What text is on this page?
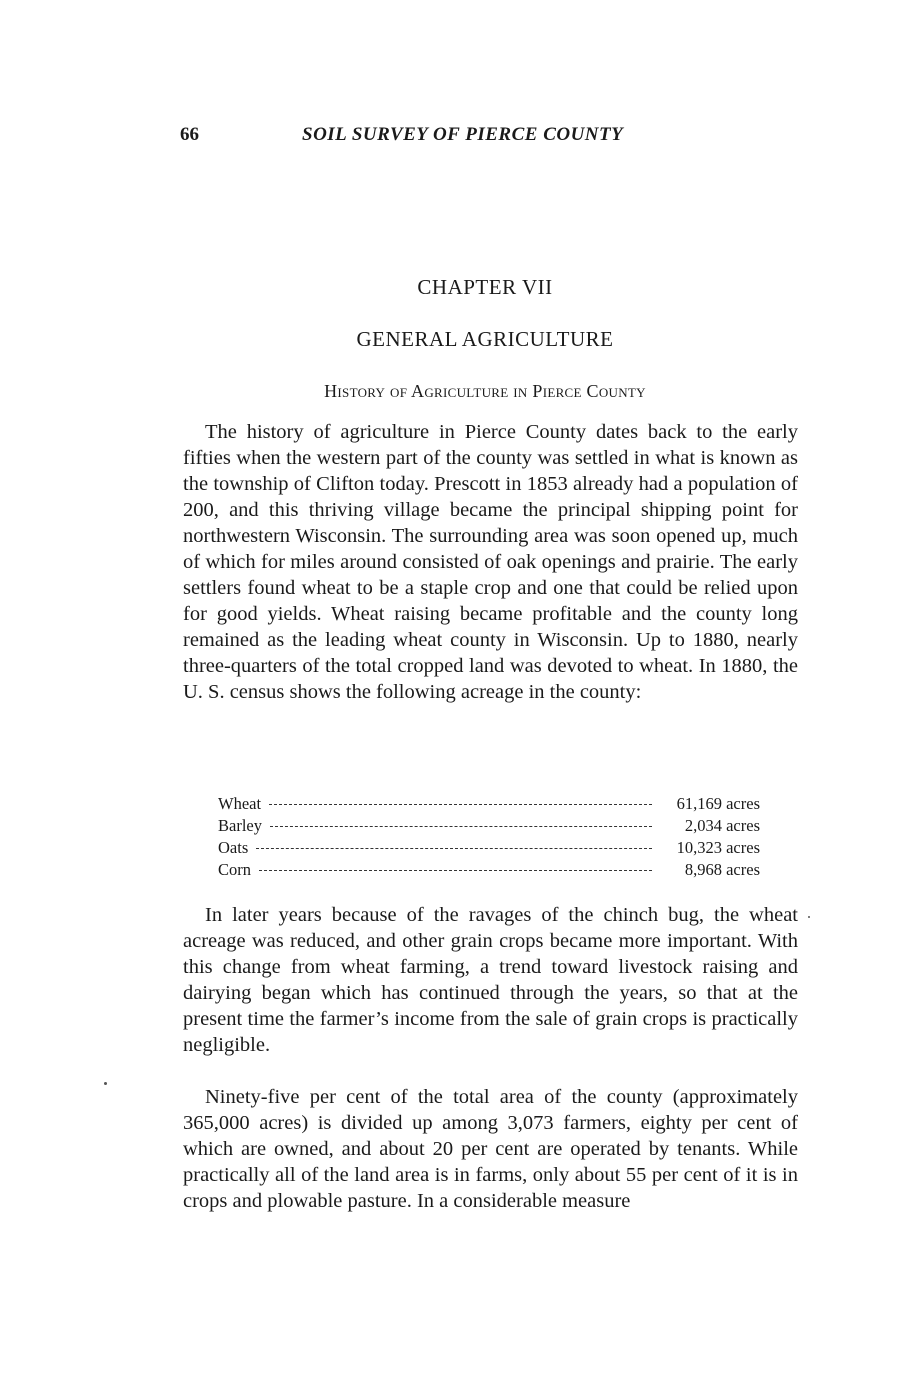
66	SOIL SURVEY OF PIERCE COUNTY
CHAPTER VII
GENERAL AGRICULTURE
History of Agriculture in Pierce County

The history of agriculture in Pierce County dates back to the early fifties when the western part of the county was settled in what is known as the township of Clifton today. Prescott in 1853 already had a population of 200, and this thriving village became the principal shipping point for northwestern Wisconsin. The surrounding area was soon opened up, much of which for miles around consisted of oak openings and prairie. The early settlers found wheat to be a staple crop and one that could be relied upon for good yields. Wheat raising became profitable and the county long remained as the leading wheat county in Wisconsin. Up to 1880, nearly three-quarters of the total cropped land was devoted to wheat. In 1880, the U. S. census shows the following acreage in the county:

Wheat	61,169 acres
Barley	2,034 acres
Oats	10,323 acres
Corn	8,968 acres

In later years because of the ravages of the chinch bug, the wheat acreage was reduced, and other grain crops became more important. With this change from wheat farming, a trend toward livestock raising and dairying began which has continued through the years, so that at the present time the farmer’s income from the sale of grain crops is practically negligible.

Ninety-five per cent of the total area of the county (approximately 365,000 acres) is divided up among 3,073 farmers, eighty per cent of which are owned, and about 20 per cent are operated by tenants. While practically all of the land area is in farms, only about 55 per cent of it is in crops and plowable pasture. In a considerable measure
